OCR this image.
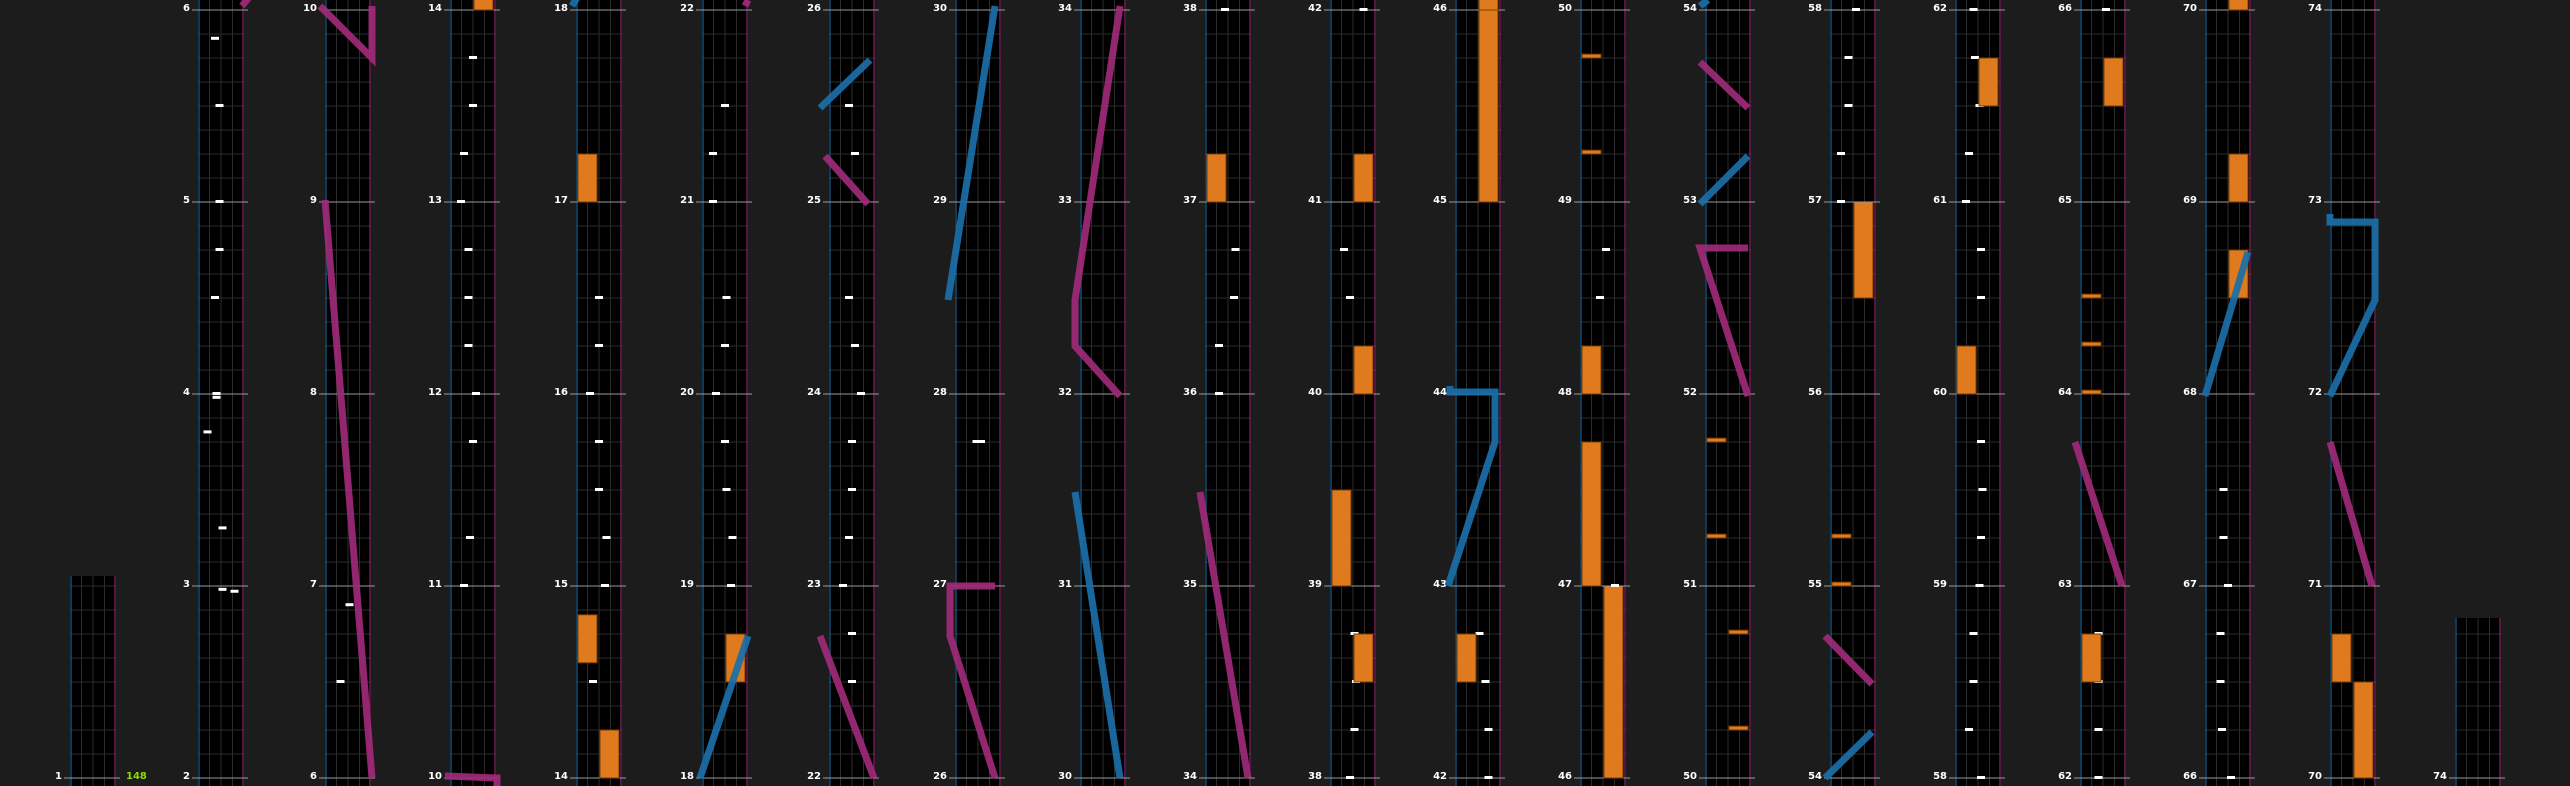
1	2
3
4
5
6
6
7
8
9
10
10
11
12
13
14
14
15
16
17
18
18
19
20
21
22
22
23
24
25
26
26
27
28
29
30
30
31
32
33
34
34
35
36
37
38
38
39
40
41
42
42
43
44
45
46
46
47
48
49
50
50
51
52
53
54
54
55
56
57
58
58
59
60
61
62
62
63
64
65
66
66
67
68
69
70
70
71
72
73
74
74
148
